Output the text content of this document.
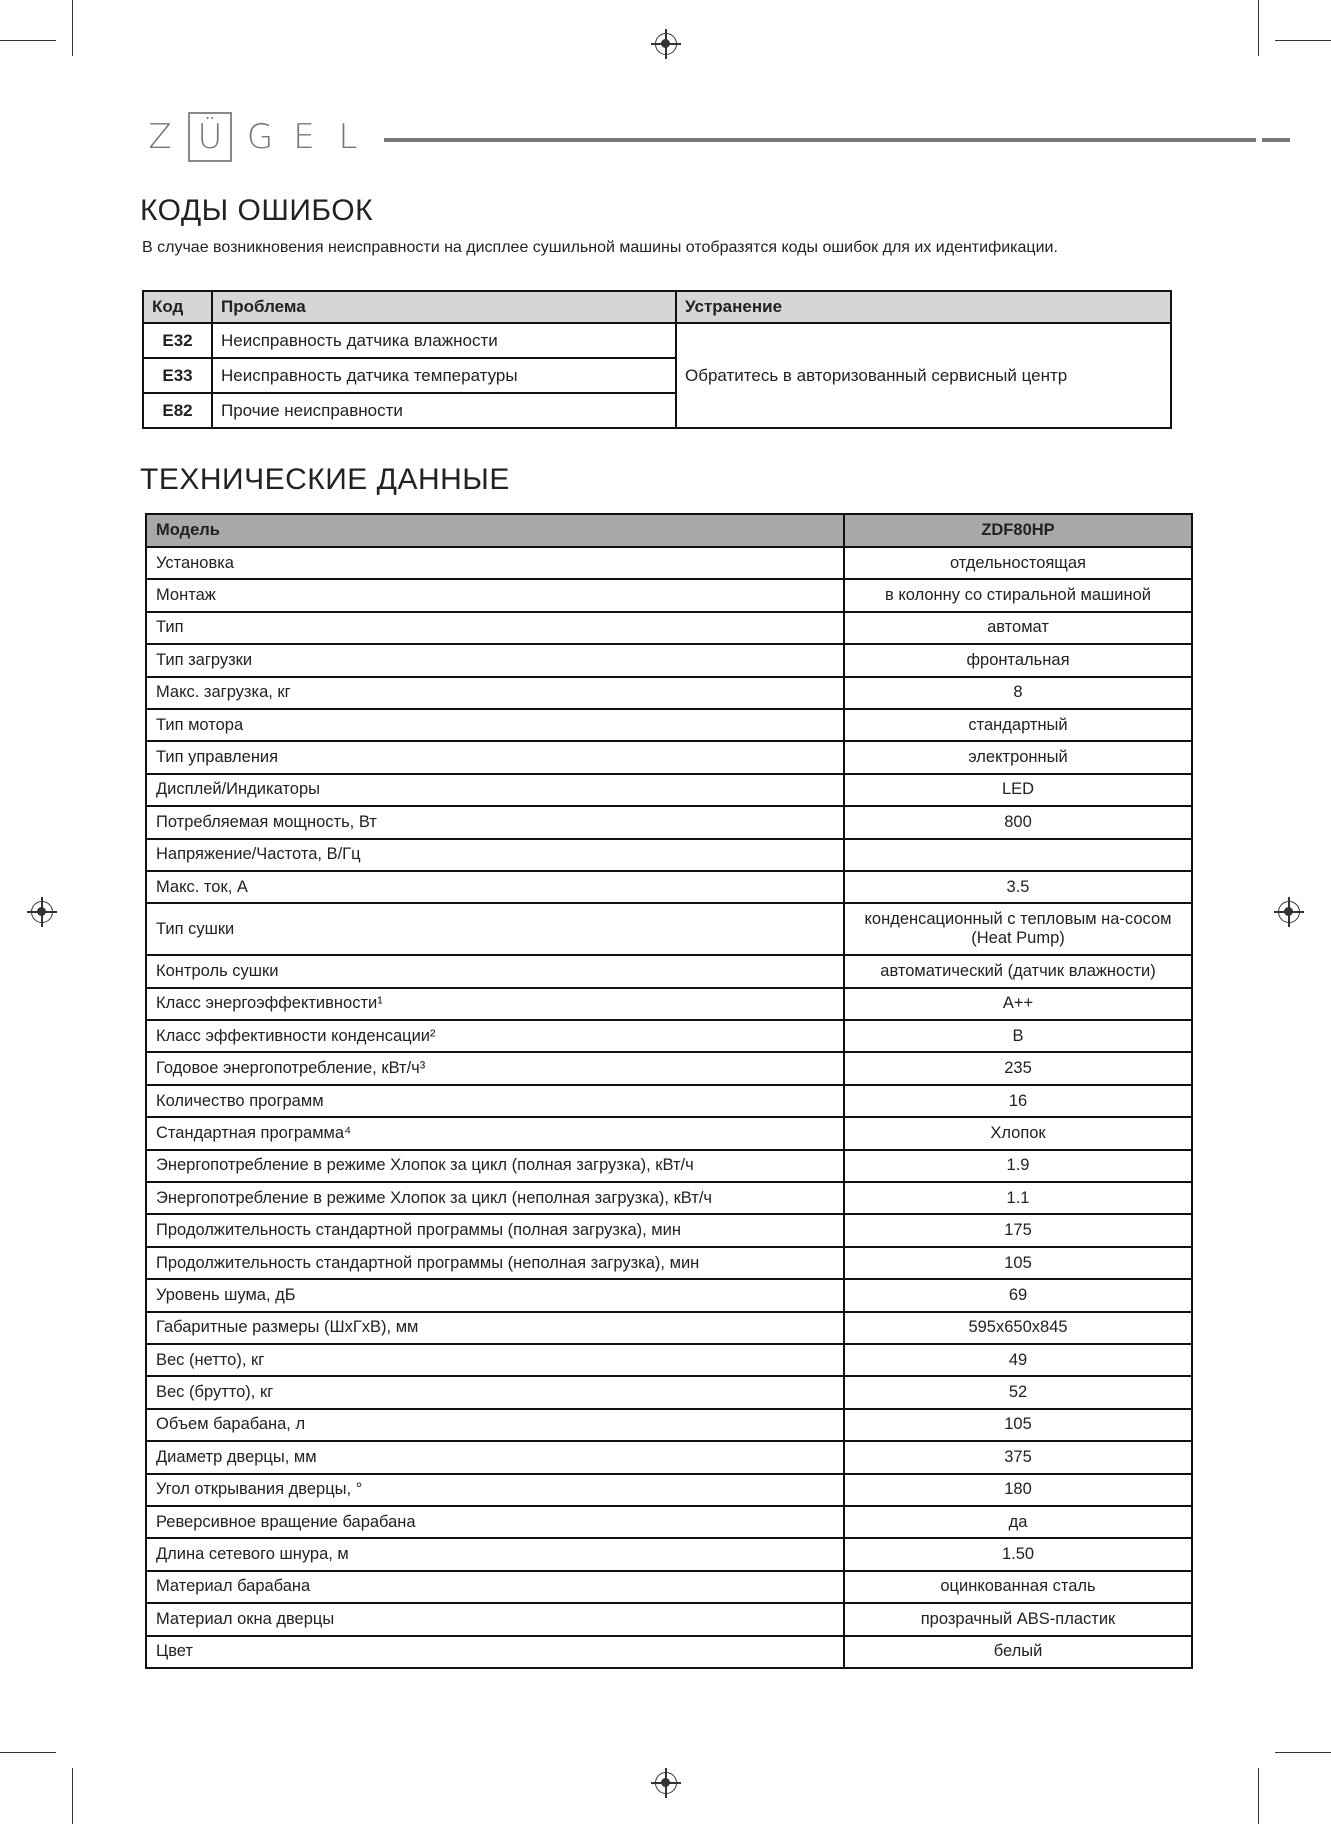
Z Ü G E L
КОДЫ ОШИБОК

В случае возникновения неисправности на дисплее сушильной машины отобразятся коды ошибок для их идентификации.

Код	Проблема	Устранение
E32	Неисправность датчика влажности	Обратитесь в авторизованный сервисный центр
E33	Неисправность датчика температуры	
E82	Прочие неисправности	
ТЕХНИЧЕСКИЕ ДАННЫЕ
Модель	ZDF80HP
Установка	отдельностоящая
Монтаж	в колонну со стиральной машиной
Тип	автомат
Тип загрузки	фронтальная
Макс. загрузка, кг	8
Тип мотора	стандартный
Тип управления	электронный
Дисплей/Индикаторы	LED
Потребляемая мощность, Вт	800
Напряжение/Частота, В/Гц	
Макс. ток, А	3.5
Тип сушки	конденсационный с тепловым на-сосом (Heat Pump)
Контроль сушки	автоматический (датчик влажности)
Класс энергоэффективности¹	A++
Класс эффективности конденсации²	B
Годовое энергопотребление, кВт/ч³	235
Количество программ	16
Стандартная программа⁴	Хлопок
Энергопотребление в режиме Хлопок за цикл (полная загрузка), кВт/ч	1.9
Энергопотребление в режиме Хлопок за цикл (неполная загрузка), кВт/ч	1.1
Продолжительность стандартной программы (полная загрузка), мин	175
Продолжительность стандартной программы (неполная загрузка), мин	105
Уровень шума, дБ	69
Габаритные размеры (ШхГхВ), мм	595x650x845
Вес (нетто), кг	49
Вес (брутто), кг	52
Объем барабана, л	105
Диаметр дверцы, мм	375
Угол открывания дверцы, °	180
Реверсивное вращение барабана	да
Длина сетевого шнура, м	1.50
Материал барабана	оцинкованная сталь
Материал окна дверцы	прозрачный ABS-пластик
Цвет	белый
